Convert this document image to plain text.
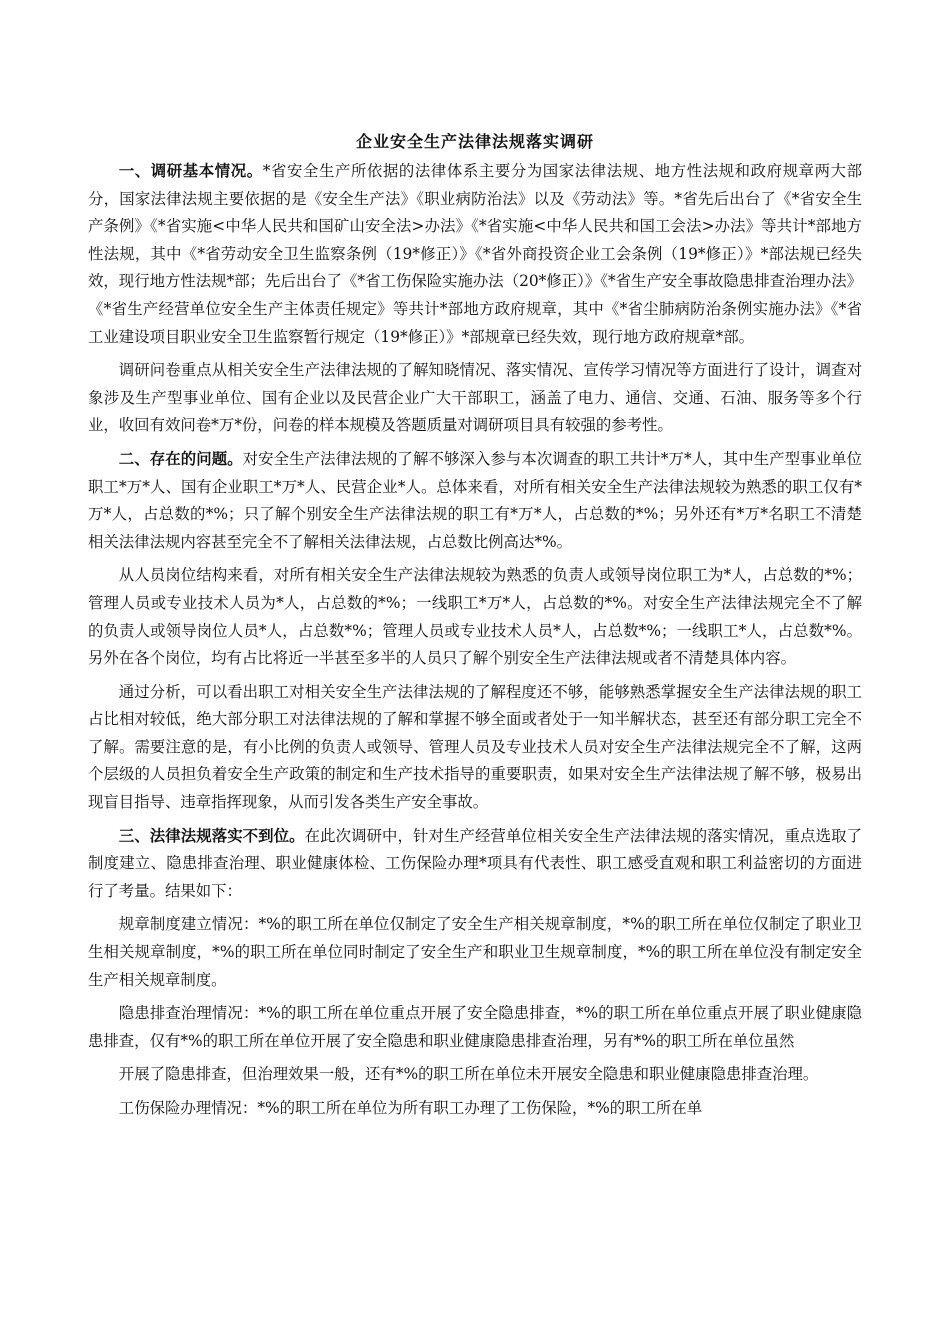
企业安全生产法律法规落实调研

一、调研基本情况。*省安全生产所依据的法律体系主要分为国家法律法规、地方性法规和政府规章两大部分，国家法律法规主要依据的是《安全生产法》《职业病防治法》以及《劳动法》等。*省先后出台了《*省安全生产条例》《*省实施<中华人民共和国矿山安全法>办法》《*省实施<中华人民共和国工会法>办法》等共计*部地方性法规，其中《*省劳动安全卫生监察条例（19*修正）》《*省外商投资企业工会条例（19*修正）》*部法规已经失效，现行地方性法规*部；先后出台了《*省工伤保险实施办法（20*修正）》《*省生产安全事故隐患排查治理办法》《*省生产经营单位安全生产主体责任规定》等共计*部地方政府规章，其中《*省尘肺病防治条例实施办法》《*省工业建设项目职业安全卫生监察暂行规定（19*修正）》*部规章已经失效，现行地方政府规章*部。

调研问卷重点从相关安全生产法律法规的了解知晓情况、落实情况、宣传学习情况等方面进行了设计，调查对象涉及生产型事业单位、国有企业以及民营企业广大干部职工，涵盖了电力、通信、交通、石油、服务等多个行业，收回有效问卷*万*份，问卷的样本规模及答题质量对调研项目具有较强的参考性。

二、存在的问题。对安全生产法律法规的了解不够深入参与本次调查的职工共计*万*人，其中生产型事业单位职工*万*人、国有企业职工*万*人、民营企业*人。总体来看，对所有相关安全生产法律法规较为熟悉的职工仅有*万*人，占总数的*%；只了解个别安全生产法律法规的职工有*万*人，占总数的*%；另外还有*万*名职工不清楚相关法律法规内容甚至完全不了解相关法律法规，占总数比例高达*%。

从人员岗位结构来看，对所有相关安全生产法律法规较为熟悉的负责人或领导岗位职工为*人，占总数的*%；管理人员或专业技术人员为*人，占总数的*%；一线职工*万*人，占总数的*%。对安全生产法律法规完全不了解的负责人或领导岗位人员*人，占总数*%；管理人员或专业技术人员*人，占总数*%；一线职工*人，占总数*%。另外在各个岗位，均有占比将近一半甚至多半的人员只了解个别安全生产法律法规或者不清楚具体内容。

通过分析，可以看出职工对相关安全生产法律法规的了解程度还不够，能够熟悉掌握安全生产法律法规的职工占比相对较低，绝大部分职工对法律法规的了解和掌握不够全面或者处于一知半解状态，甚至还有部分职工完全不了解。需要注意的是，有小比例的负责人或领导、管理人员及专业技术人员对安全生产法律法规完全不了解，这两个层级的人员担负着安全生产政策的制定和生产技术指导的重要职责，如果对安全生产法律法规了解不够，极易出现盲目指导、违章指挥现象，从而引发各类生产安全事故。

三、法律法规落实不到位。在此次调研中，针对生产经营单位相关安全生产法律法规的落实情况，重点选取了制度建立、隐患排查治理、职业健康体检、工伤保险办理*项具有代表性、职工感受直观和职工利益密切的方面进行了考量。结果如下：

规章制度建立情况：*%的职工所在单位仅制定了安全生产相关规章制度，*%的职工所在单位仅制定了职业卫生相关规章制度，*%的职工所在单位同时制定了安全生产和职业卫生规章制度，*%的职工所在单位没有制定安全生产相关规章制度。

隐患排查治理情况：*%的职工所在单位重点开展了安全隐患排查，*%的职工所在单位重点开展了职业健康隐患排查，仅有*%的职工所在单位开展了安全隐患和职业健康隐患排查治理，另有*%的职工所在单位虽然

开展了隐患排查，但治理效果一般，还有*%的职工所在单位未开展安全隐患和职业健康隐患排查治理。

工伤保险办理情况：*%的职工所在单位为所有职工办理了工伤保险，*%的职工所在单
